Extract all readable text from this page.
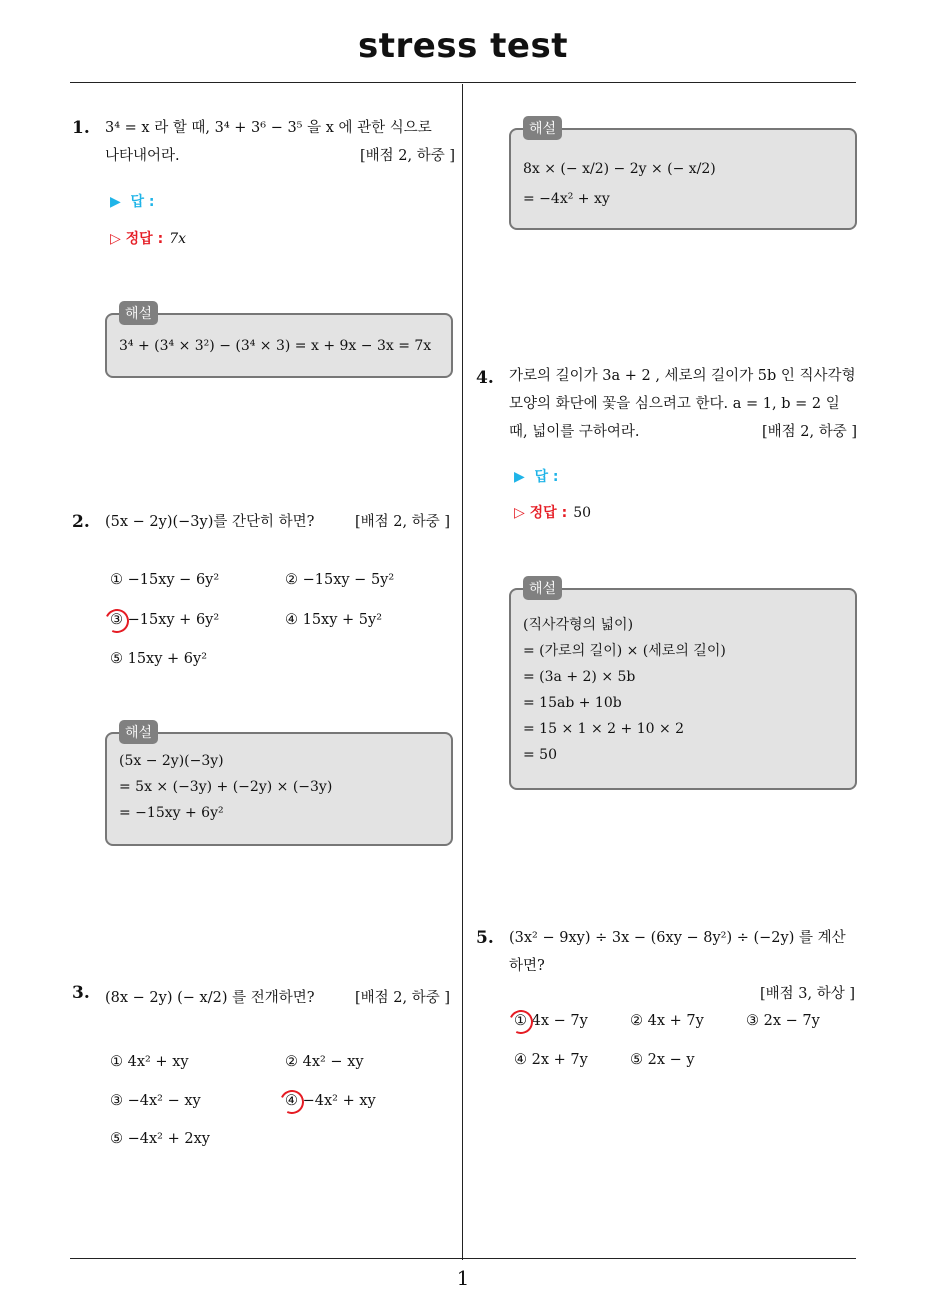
stress test
1
1. 3⁴ = x 라 할 때, 3⁴ + 3⁶ − 3⁵ 을 x 에 관한 식으로
나타내어라.	[배점 2, 하중 ]
▶ 답 :
▷ 정답 : 7x
해설
3⁴ + (3⁴ × 3²) − (3⁴ × 3) = x + 9x − 3x = 7x
2. (5x − 2y)(−3y)를 간단히 하면?	[배점 2, 하중 ]
① −15xy − 6y²	② −15xy − 5y²
③ −15xy + 6y²	④ 15xy + 5y²
⑤ 15xy + 6y²
해설
(5x − 2y)(−3y)
= 5x × (−3y) + (−2y) × (−3y)
= −15xy + 6y²
3. (8x − 2y) (− x/2) 를 전개하면?	[배점 2, 하중 ]
① 4x² + xy	② 4x² − xy
③ −4x² − xy	④ −4x² + xy
⑤ −4x² + 2xy
해설
8x × (− x/2) − 2y × (− x/2)
= −4x² + xy
4. 가로의 길이가 3a + 2 , 세로의 길이가 5b 인 직사각형
모양의 화단에 꽃을 심으려고 한다. a = 1, b = 2 일
때, 넓이를 구하여라.	[배점 2, 하중 ]
▶ 답 :
▷ 정답 : 50
해설
(직사각형의 넓이)
= (가로의 길이) × (세로의 길이)
= (3a + 2) × 5b
= 15ab + 10b
= 15 × 1 × 2 + 10 × 2
= 50
5. (3x² − 9xy) ÷ 3x − (6xy − 8y²) ÷ (−2y) 를 계산하면?
[배점 3, 하상 ]
① 4x − 7y	② 4x + 7y	③ 2x − 7y
④ 2x + 7y	⑤ 2x − y
